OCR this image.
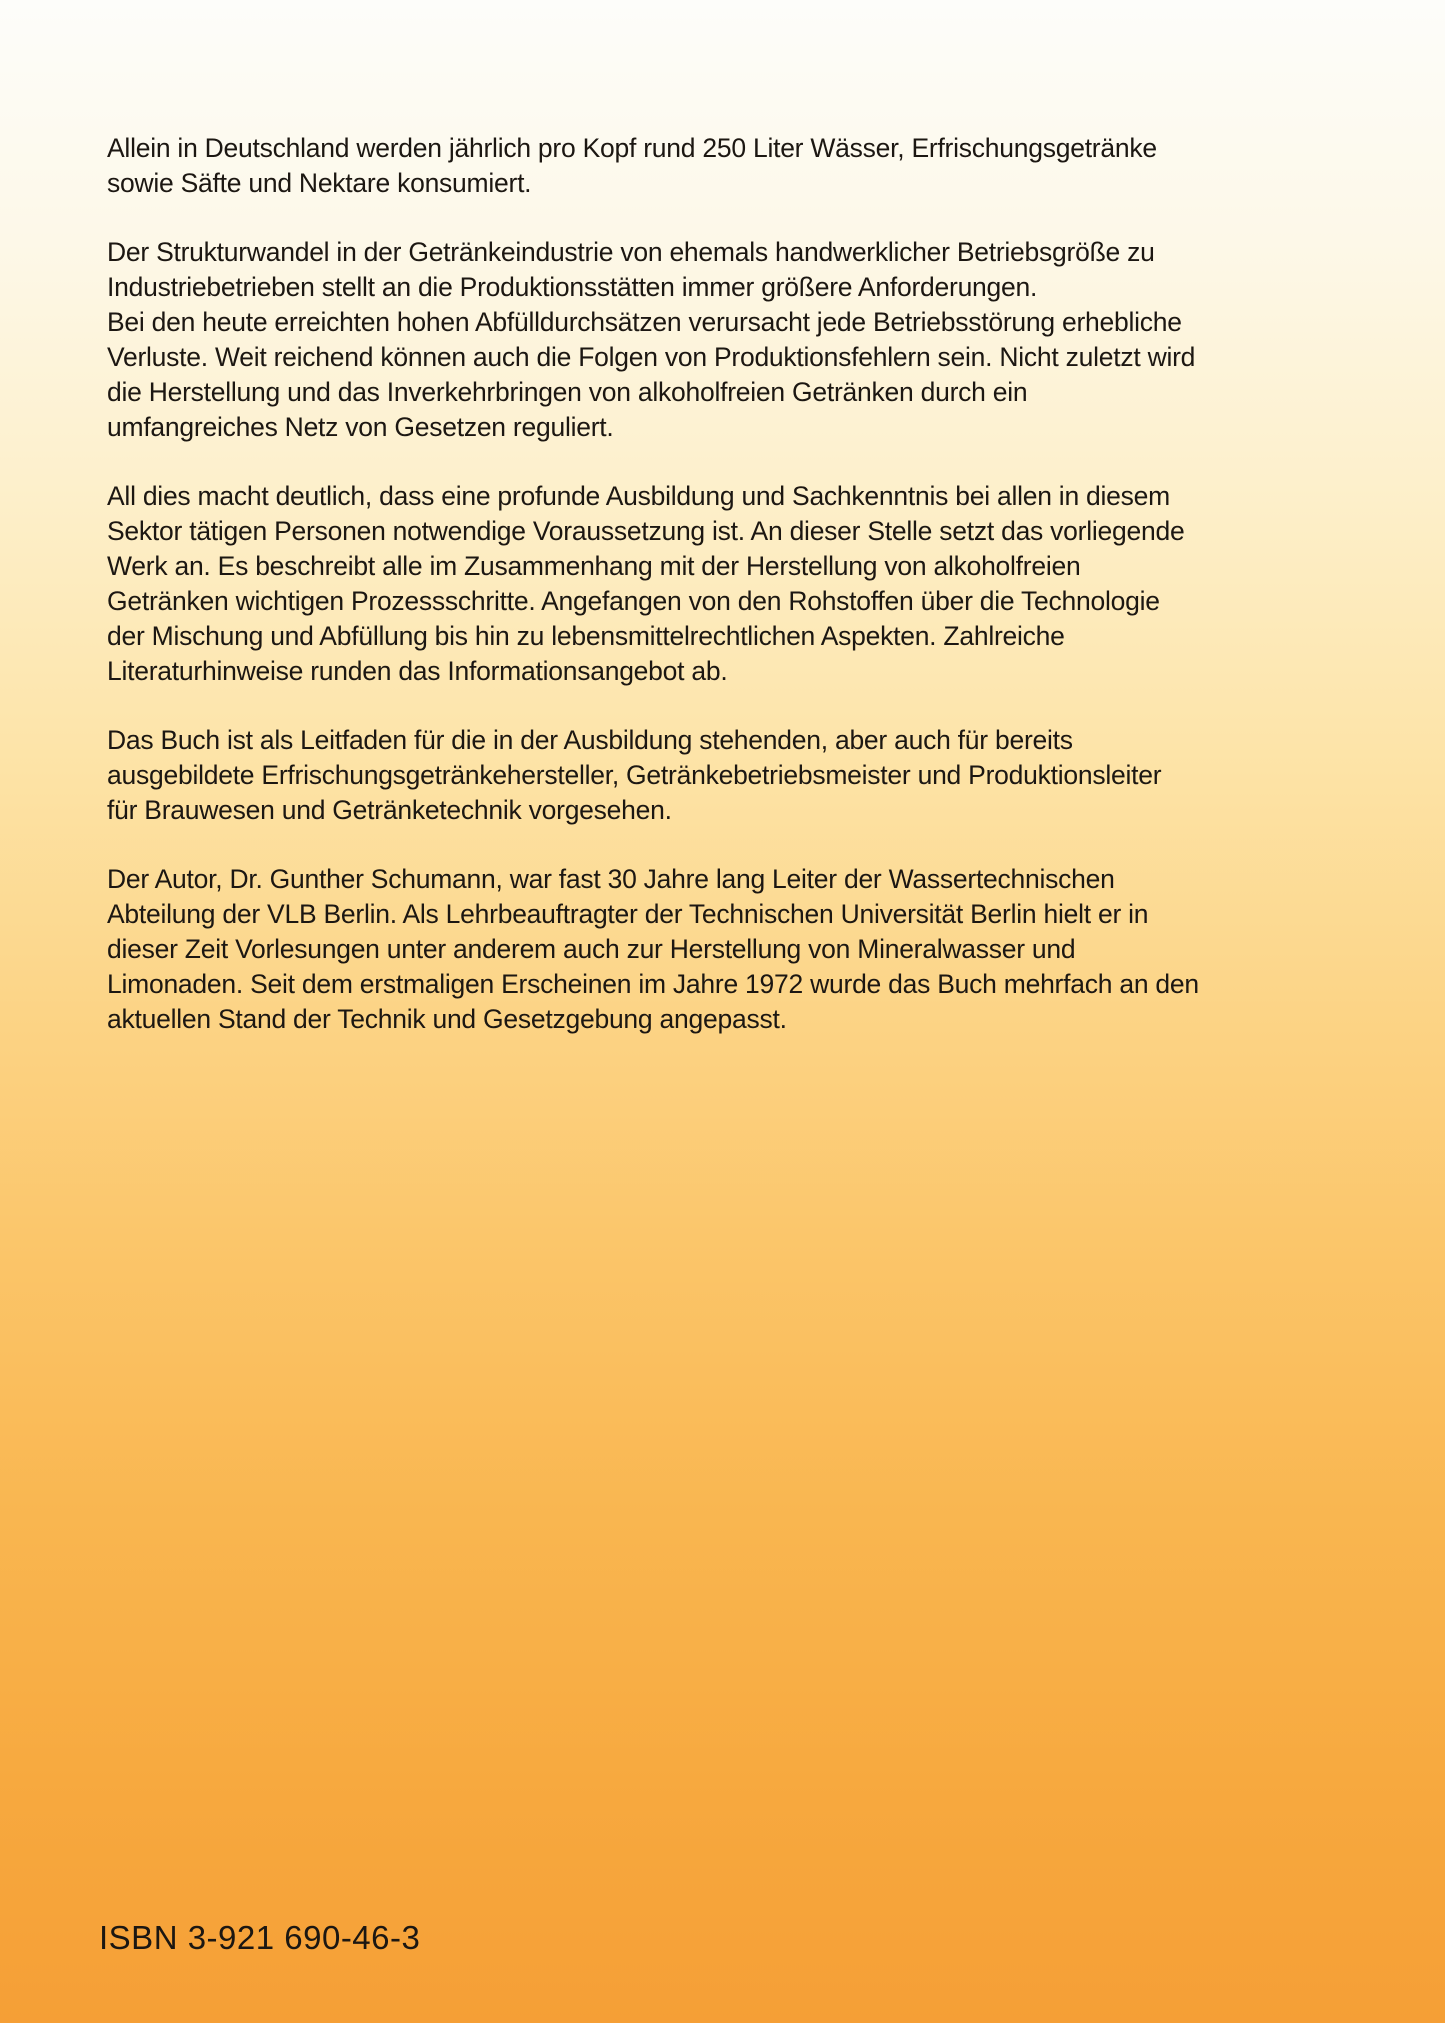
Allein in Deutschland werden jährlich pro Kopf rund 250 Liter Wässer, Erfrischungsgetränke
sowie Säfte und Nektare konsumiert.

Der Strukturwandel in der Getränkeindustrie von ehemals handwerklicher Betriebsgröße zu
Industriebetrieben stellt an die Produktionsstätten immer größere Anforderungen.
Bei den heute erreichten hohen Abfülldurchsätzen verursacht jede Betriebsstörung erhebliche
Verluste. Weit reichend können auch die Folgen von Produktionsfehlern sein. Nicht zuletzt wird
die Herstellung und das Inverkehrbringen von alkoholfreien Getränken durch ein
umfangreiches Netz von Gesetzen reguliert.

All dies macht deutlich, dass eine profunde Ausbildung und Sachkenntnis bei allen in diesem
Sektor tätigen Personen notwendige Voraussetzung ist. An dieser Stelle setzt das vorliegende
Werk an. Es beschreibt alle im Zusammenhang mit der Herstellung von alkoholfreien
Getränken wichtigen Prozessschritte. Angefangen von den Rohstoffen über die Technologie
der Mischung und Abfüllung bis hin zu lebensmittelrechtlichen Aspekten. Zahlreiche
Literaturhinweise runden das Informationsangebot ab.

Das Buch ist als Leitfaden für die in der Ausbildung stehenden, aber auch für bereits
ausgebildete Erfrischungsgetränkehersteller, Getränkebetriebsmeister und Produktionsleiter
für Brauwesen und Getränketechnik vorgesehen.

Der Autor, Dr. Gunther Schumann, war fast 30 Jahre lang Leiter der Wassertechnischen
Abteilung der VLB Berlin. Als Lehrbeauftragter der Technischen Universität Berlin hielt er in
dieser Zeit Vorlesungen unter anderem auch zur Herstellung von Mineralwasser und
Limonaden. Seit dem erstmaligen Erscheinen im Jahre 1972 wurde das Buch mehrfach an den
aktuellen Stand der Technik und Gesetzgebung angepasst.

ISBN 3-921 690-46-3
